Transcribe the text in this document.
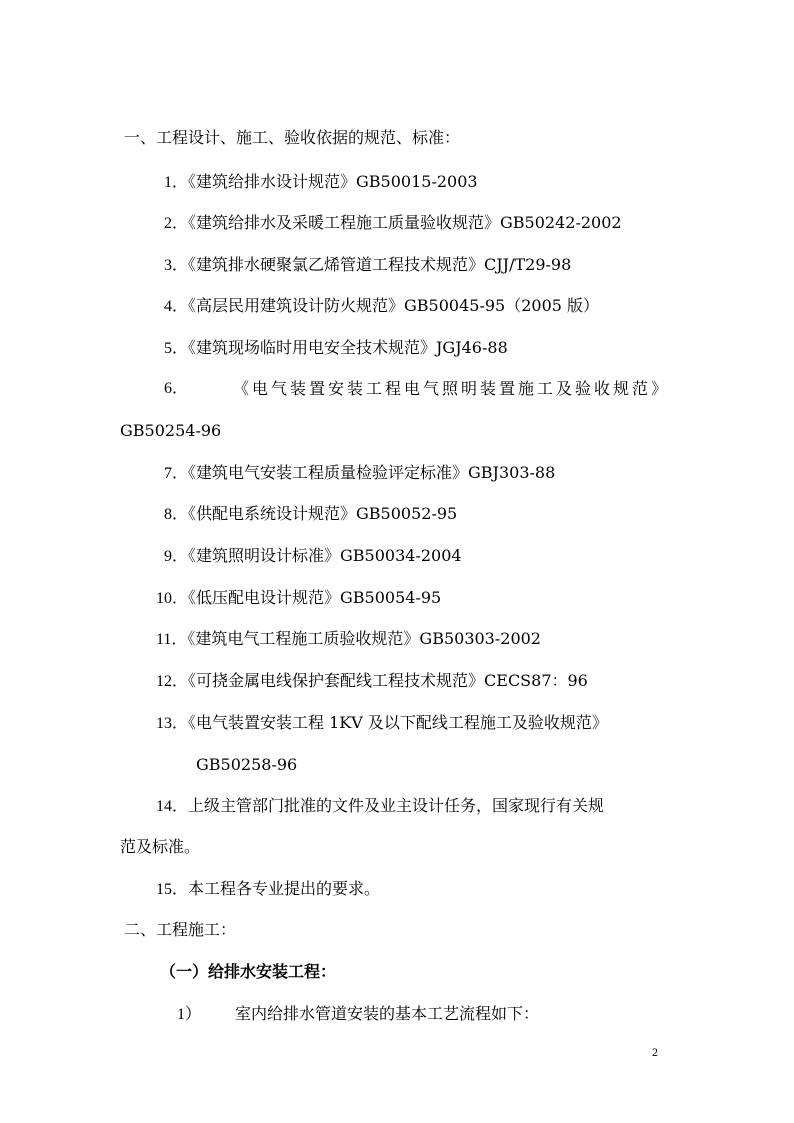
一、工程设计、施工、验收依据的规范、标准：
1．《建筑给排水设计规范》GB50015-2003
2．《建筑给排水及采暖工程施工质量验收规范》GB50242-2002
3．《建筑排水硬聚氯乙烯管道工程技术规范》CJJ/T29-98
4．《高层民用建筑设计防火规范》GB50045-95（2005 版）
5．《建筑现场临时用电安全技术规范》JGJ46-88
6．	《电气装置安装工程电气照明装置施工及验收规范》
GB50254-96
7．《建筑电气安装工程质量检验评定标准》GBJ303-88
8．《供配电系统设计规范》GB50052-95
9．《建筑照明设计标准》GB50034-2004
10．《低压配电设计规范》GB50054-95
11．《建筑电气工程施工质验收规范》GB50303-2002
12．《可挠金属电线保护套配线工程技术规范》CECS87：96
13．《电气装置安装工程 1KV 及以下配线工程施工及验收规范》
GB50258-96
14．上级主管部门批准的文件及业主设计任务，国家现行有关规
范及标准。
15．本工程各专业提出的要求。
二、工程施工：
（一）给排水安装工程：
1） 室内给排水管道安装的基本工艺流程如下：
2
